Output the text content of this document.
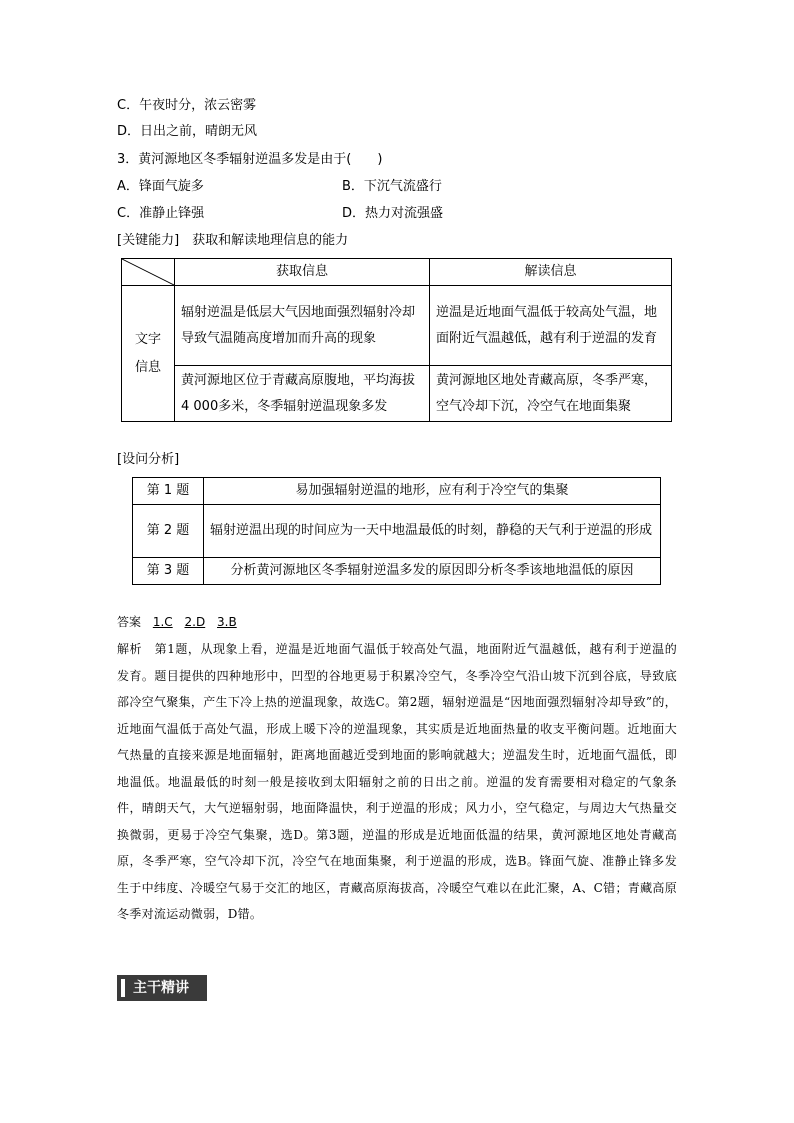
C．午夜时分，浓云密雾
D．日出之前，晴朗无风
3．黄河源地区冬季辐射逆温多发是由于(　　)
A．锋面气旋多	B．下沉气流盛行
C．准静止锋强	D．热力对流强盛
[关键能力]　获取和解读地理信息的能力
	获取信息	解读信息
文字
信息	辐射逆温是低层大气因地面强烈辐射冷却导致气温随高度增加而升高的现象	逆温是近地面气温低于较高处气温，地面附近气温越低，越有利于逆温的发育
	黄河源地区位于青藏高原腹地，平均海拔4 000多米，冬季辐射逆温现象多发	黄河源地区地处青藏高原，冬季严寒，空气冷却下沉，冷空气在地面集聚
[设问分析]
第 1 题	易加强辐射逆温的地形，应有利于冷空气的集聚
第 2 题	辐射逆温出现的时间应为一天中地温最低的时刻，静稳的天气利于逆温的形成
第 3 题	分析黄河源地区冬季辐射逆温多发的原因即分析冬季该地地温低的原因
答案 1.C 2.D 3.B
解析　第1题，从现象上看，逆温是近地面气温低于较高处气温，地面附近气温越低，越有利于逆温的发育。题目提供的四种地形中，凹型的谷地更易于积累冷空气，冬季冷空气沿山坡下沉到谷底，导致底部冷空气聚集，产生下冷上热的逆温现象，故选C。第2题，辐射逆温是“因地面强烈辐射冷却导致”的，近地面气温低于高处气温，形成上暖下冷的逆温现象，其实质是近地面热量的收支平衡问题。近地面大气热量的直接来源是地面辐射，距离地面越近受到地面的影响就越大；逆温发生时，近地面气温低，即地温低。地温最低的时刻一般是接收到太阳辐射之前的日出之前。逆温的发育需要相对稳定的气象条件，晴朗天气，大气逆辐射弱，地面降温快，利于逆温的形成；风力小，空气稳定，与周边大气热量交换微弱，更易于冷空气集聚，选D。第3题，逆温的形成是近地面低温的结果，黄河源地区地处青藏高原，冬季严寒，空气冷却下沉，冷空气在地面集聚，利于逆温的形成，选B。锋面气旋、准静止锋多发生于中纬度、冷暖空气易于交汇的地区，青藏高原海拔高，冷暖空气难以在此汇聚，A、C错；青藏高原冬季对流运动微弱，D错。
主干精讲
